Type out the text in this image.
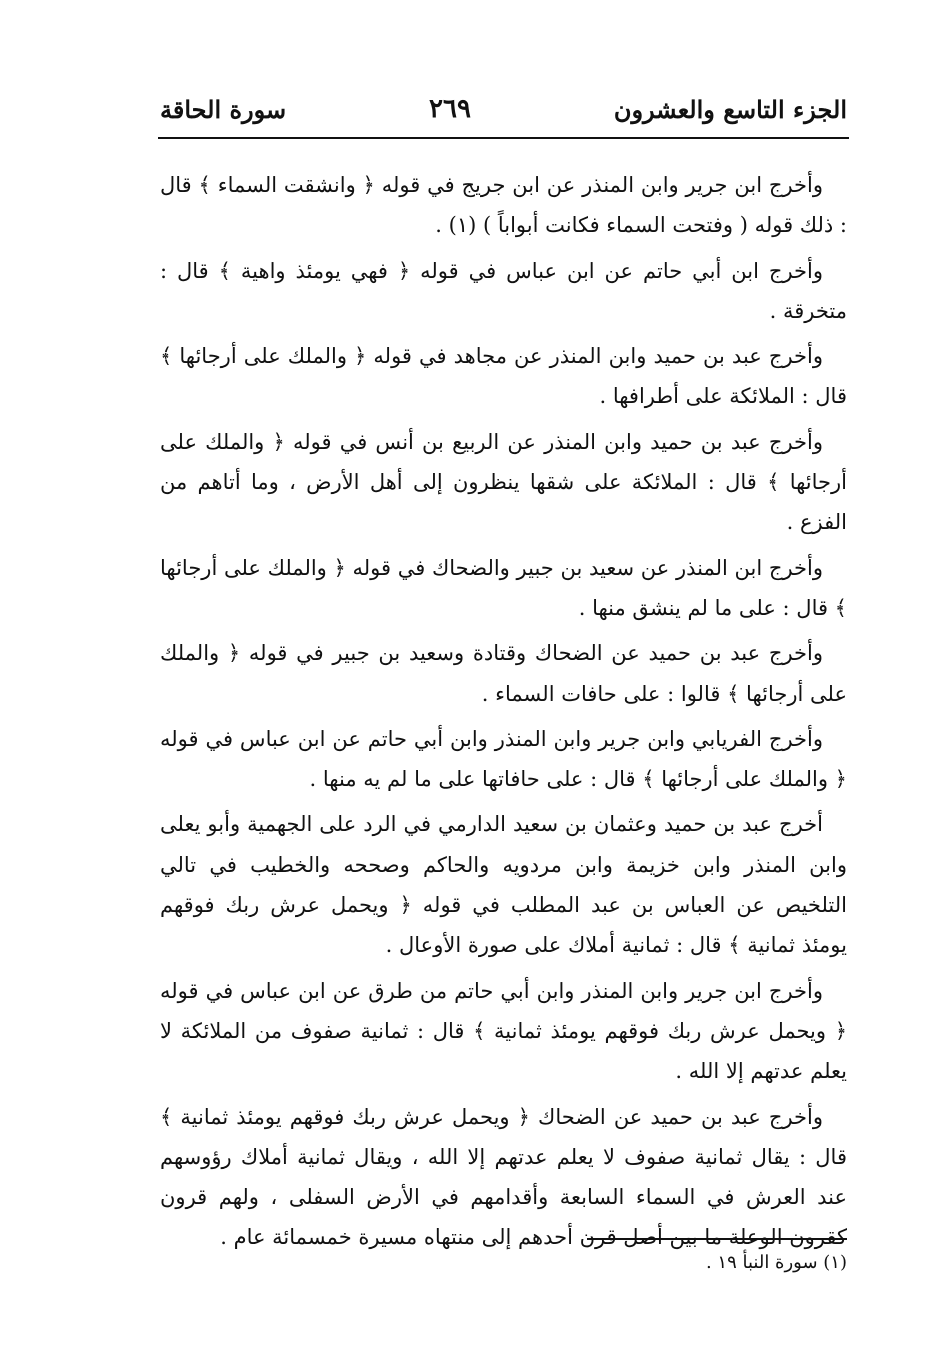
الجزء التاسع والعشرون
٢٦٩
سورة الحاقة

وأخرج ابن جرير وابن المنذر عن ابن جريج في قوله ﴿ وانشقت السماء ﴾ قال : ذلك قوله ( وفتحت السماء فكانت أبواباً ) (١) .

وأخرج ابن أبي حاتم عن ابن عباس في قوله ﴿ فهي يومئذ واهية ﴾ قال : متخرقة .

وأخرج عبد بن حميد وابن المنذر عن مجاهد في قوله ﴿ والملك على أرجائها ﴾ قال : الملائكة على أطرافها .

وأخرج عبد بن حميد وابن المنذر عن الربيع بن أنس في قوله ﴿ والملك على أرجائها ﴾ قال : الملائكة على شقها ينظرون إلى أهل الأرض ، وما أتاهم من الفزع .

وأخرج ابن المنذر عن سعيد بن جبير والضحاك في قوله ﴿ والملك على أرجائها ﴾ قال : على ما لم ينشق منها .

وأخرج عبد بن حميد عن الضحاك وقتادة وسعيد بن جبير في قوله ﴿ والملك على أرجائها ﴾ قالوا : على حافات السماء .

وأخرج الفريابي وابن جرير وابن المنذر وابن أبي حاتم عن ابن عباس في قوله ﴿ والملك على أرجائها ﴾ قال : على حافاتها على ما لم يه منها .

أخرج عبد بن حميد وعثمان بن سعيد الدارمي في الرد على الجهمية وأبو يعلى وابن المنذر وابن خزيمة وابن مردويه والحاكم وصححه والخطيب في تالي التلخيص عن العباس بن عبد المطلب في قوله ﴿ ويحمل عرش ربك فوقهم يومئذ ثمانية ﴾ قال : ثمانية أملاك على صورة الأوعال .

وأخرج ابن جرير وابن المنذر وابن أبي حاتم من طرق عن ابن عباس في قوله ﴿ ويحمل عرش ربك فوقهم يومئذ ثمانية ﴾ قال : ثمانية صفوف من الملائكة لا يعلم عدتهم إلا الله .

وأخرج عبد بن حميد عن الضحاك ﴿ ويحمل عرش ربك فوقهم يومئذ ثمانية ﴾ قال : يقال ثمانية صفوف لا يعلم عدتهم إلا الله ، ويقال ثمانية أملاك رؤوسهم عند العرش في السماء السابعة وأقدامهم في الأرض السفلى ، ولهم قرون كقرون الوعلة ما بين أصل قرن أحدهم إلى منتهاه مسيرة خمسمائة عام .

(١) سورة النبأ ١٩ .
